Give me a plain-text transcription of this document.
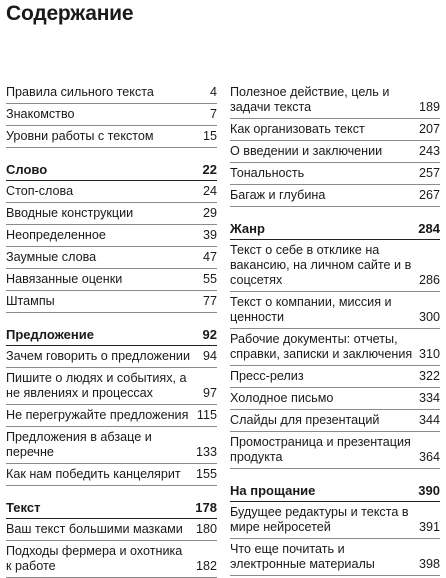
Содержание
Правила сильного текста	4
Знакомство	7
Уровни работы с текстом	15
Слово	22
Стоп-слова	24
Вводные конструкции	29
Неопределенное	39
Заумные слова	47
Навязанные оценки	55
Штампы	77
Предложение	92
Зачем говорить о предложении	94
Пишите о людях и событиях, а не явлениях и процессах	97
Не перегружайте предложения 115
Предложения в абзаце и перечне	133
Как нам победить канцелярит	155
Текст	178
Ваш текст большими мазками	180
Подходы фермера и охотника к работе	182
Полезное действие, цель и задачи текста	189
Как организовать текст	207
О введении и заключении	243
Тональность	257
Багаж и глубина	267
Жанр	284
Текст о себе в отклике на вакансию, на личном сайте и в соцсетях	286
Текст о компании, миссия и ценности	300
Рабочие документы: отчеты, справки, записки и заключения 310
Пресс-релиз	322
Холодное письмо	334
Слайды для презентаций	344
Промостраница и презентация продукта	364
На прощание	390
Будущее редактуры и текста в мире нейросетей	391
Что еще почитать и электронные материалы	398
